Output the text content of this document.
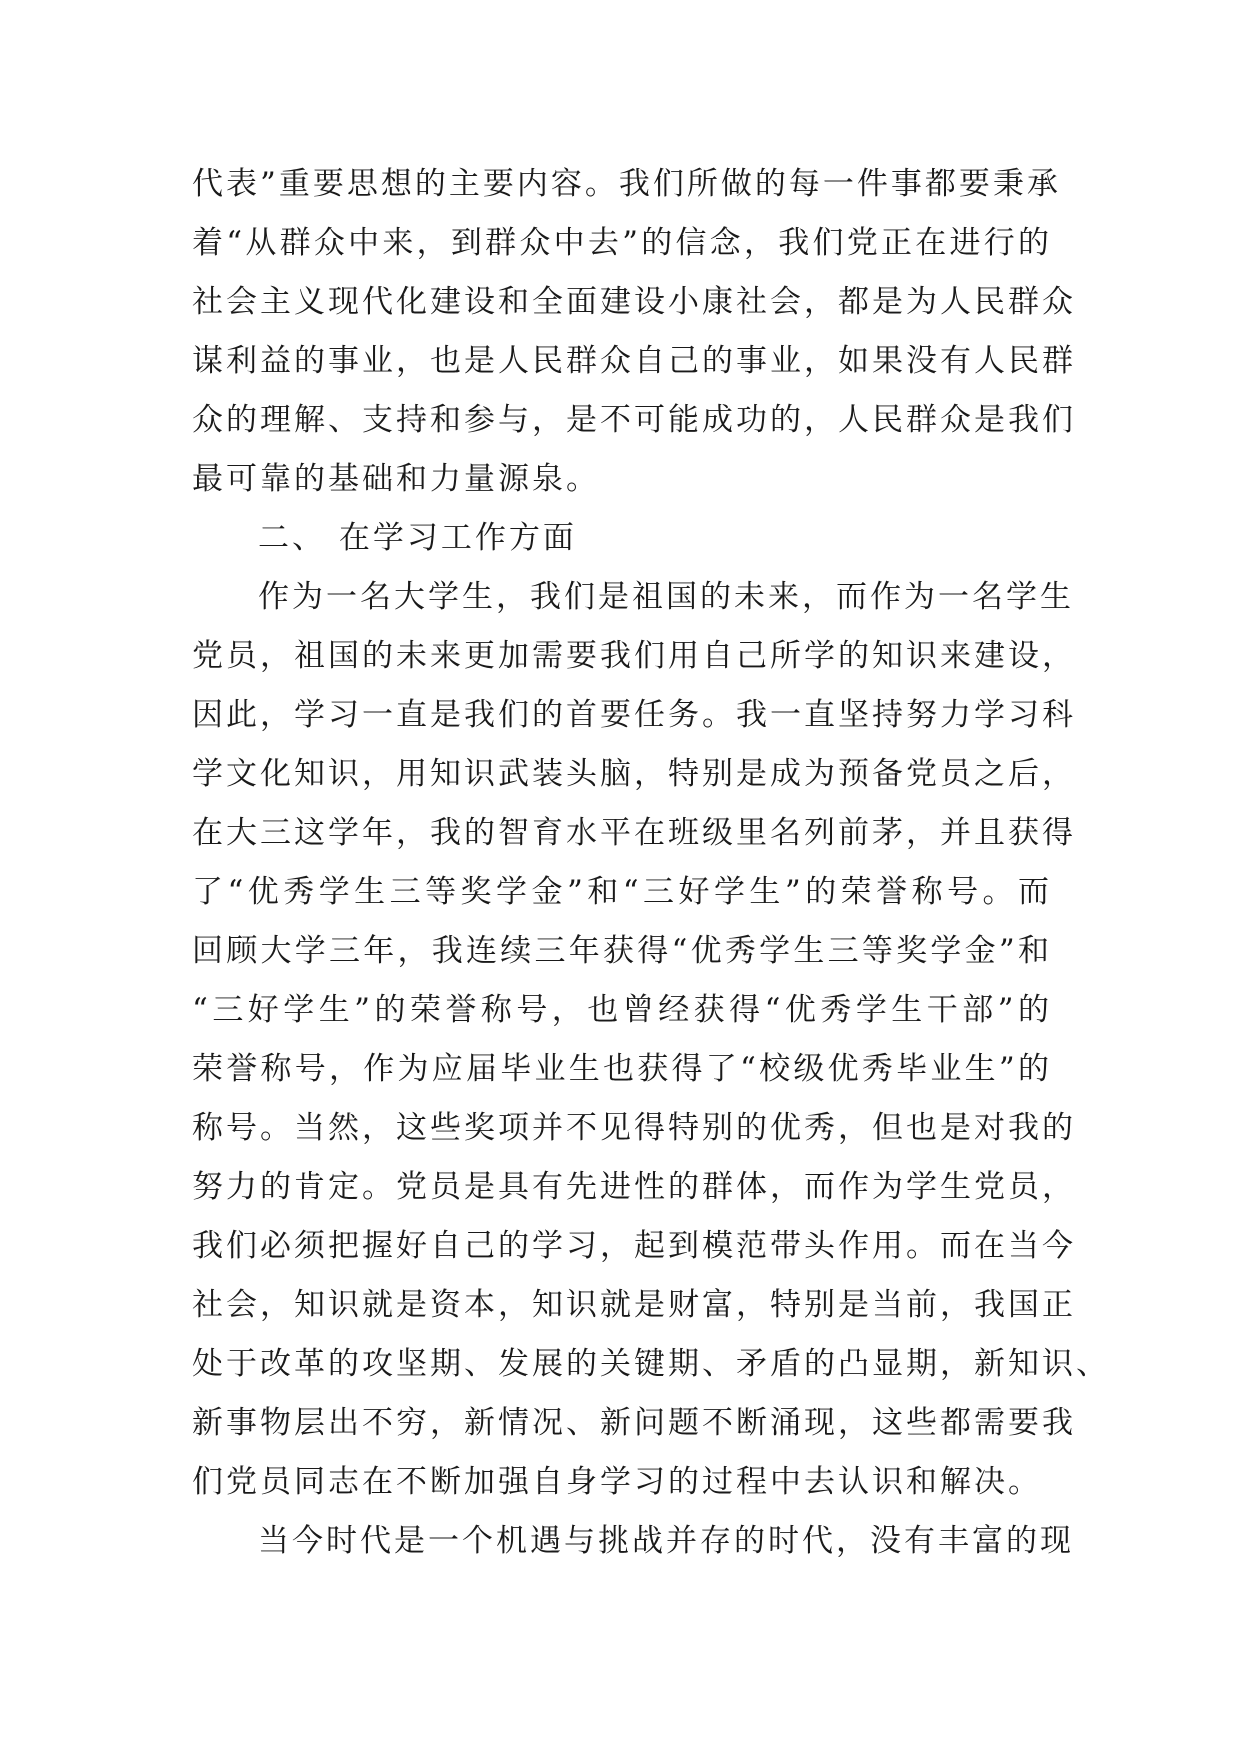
代表”重要思想的主要内容。我们所做的每一件事都要秉承
着“从群众中来，到群众中去”的信念，我们党正在进行的
社会主义现代化建设和全面建设小康社会，都是为人民群众
谋利益的事业，也是人民群众自己的事业，如果没有人民群
众的理解、支持和参与，是不可能成功的，人民群众是我们
最可靠的基础和力量源泉。
二、 在学习工作方面
作为一名大学生，我们是祖国的未来，而作为一名学生
党员，祖国的未来更加需要我们用自己所学的知识来建设，
因此，学习一直是我们的首要任务。我一直坚持努力学习科
学文化知识，用知识武装头脑，特别是成为预备党员之后，
在大三这学年，我的智育水平在班级里名列前茅，并且获得
了“优秀学生三等奖学金”和“三好学生”的荣誉称号。而
回顾大学三年，我连续三年获得“优秀学生三等奖学金”和
“三好学生”的荣誉称号，也曾经获得“优秀学生干部”的
荣誉称号，作为应届毕业生也获得了“校级优秀毕业生”的
称号。当然，这些奖项并不见得特别的优秀，但也是对我的
努力的肯定。党员是具有先进性的群体，而作为学生党员，
我们必须把握好自己的学习，起到模范带头作用。而在当今
社会，知识就是资本，知识就是财富，特别是当前，我国正
处于改革的攻坚期、发展的关键期、矛盾的凸显期，新知识、
新事物层出不穷，新情况、新问题不断涌现，这些都需要我
们党员同志在不断加强自身学习的过程中去认识和解决。
当今时代是一个机遇与挑战并存的时代，没有丰富的现
